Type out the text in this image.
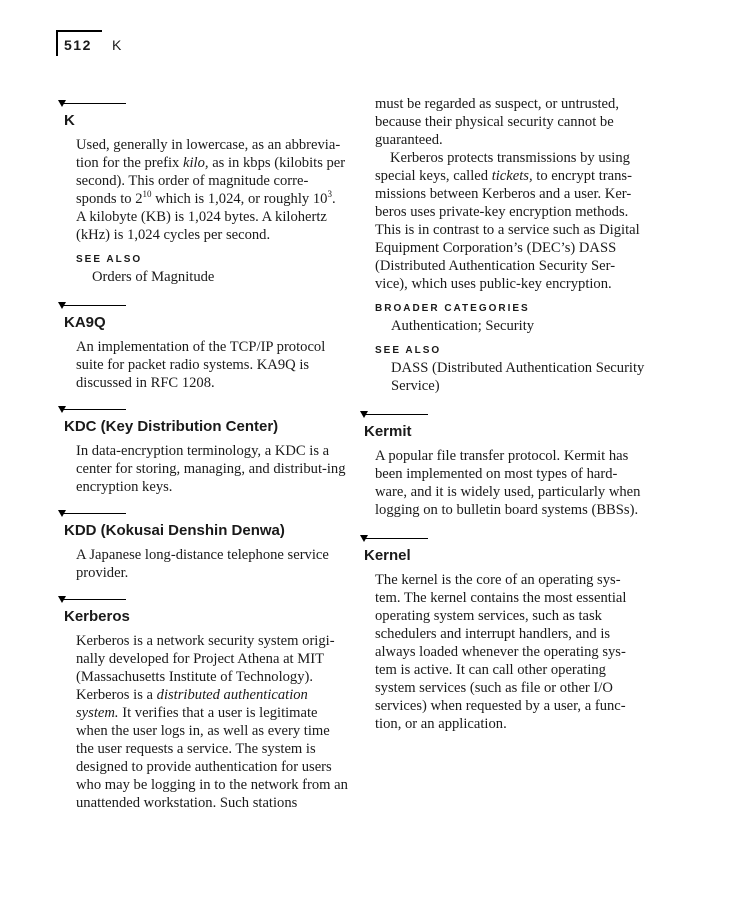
512 K
K

Used, generally in lowercase, as an abbrevia-tion for the prefix kilo, as in kbps (kilobits per second). This order of magnitude corre-sponds to $2^{10}$ which is 1,024, or roughly $10^3$. A kilobyte (KB) is 1,024 bytes. A kilohertz (kHz) is 1,024 cycles per second.

SEE ALSO
Orders of Magnitude
KA9Q

An implementation of the TCP/IP protocol suite for packet radio systems. KA9Q is discussed in RFC 1208.

KDC (Key Distribution Center)

In data-encryption terminology, a KDC is a center for storing, managing, and distribut-ing encryption keys.

KDD (Kokusai Denshin Denwa)

A Japanese long-distance telephone service provider.

Kerberos

Kerberos is a network security system origi-nally developed for Project Athena at MIT (Massachusetts Institute of Technology). Kerberos is a distributed authentication system. It verifies that a user is legitimate when the user logs in, as well as every time the user requests a service. The system is designed to provide authentication for users who may be logging in to the network from an unattended workstation. Such stations

must be regarded as suspect, or untrusted, because their physical security cannot be guaranteed.

Kerberos protects transmissions by using special keys, called tickets, to encrypt trans-missions between Kerberos and a user. Ker-beros uses private-key encryption methods. This is in contrast to a service such as Digital Equipment Corporation’s (DEC’s) DASS (Distributed Authentication Security Ser-vice), which uses public-key encryption.

BROADER CATEGORIES
Authentication; Security
SEE ALSO
DASS (Distributed Authentication Security Service)
Kermit

A popular file transfer protocol. Kermit has been implemented on most types of hard-ware, and it is widely used, particularly when logging on to bulletin board systems (BBSs).

Kernel

The kernel is the core of an operating sys-tem. The kernel contains the most essential operating system services, such as task schedulers and interrupt handlers, and is always loaded whenever the operating sys-tem is active. It can call other operating system services (such as file or other I/O services) when requested by a user, a func-tion, or an application.
